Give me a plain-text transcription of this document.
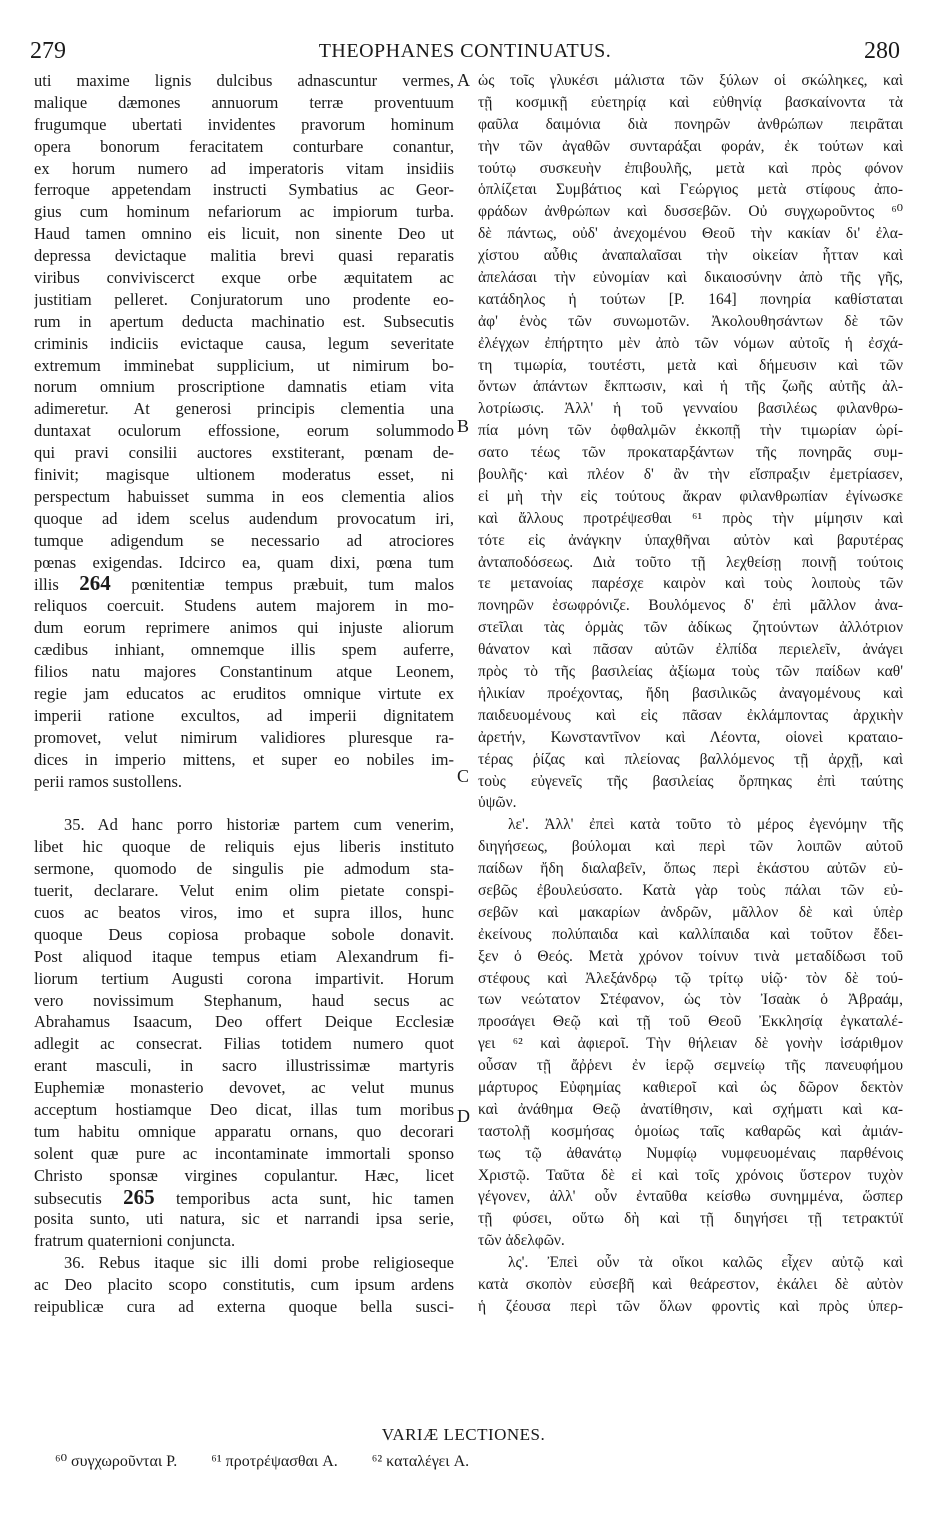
279	THEOPHANES CONTINUATUS.	280
uti maxime lignis dulcibus adnascuntur vermes,
malique dæmones annuorum terræ proventuum
frugumque ubertati invidentes pravorum hominum
opera bonorum feracitatem conturbare conantur,
ex horum numero ad imperatoris vitam insidiis
ferroque appetendam instructi Symbatius ac Geor-
gius cum hominum nefariorum ac impiorum turba.
Haud tamen omnino eis licuit, non sinente Deo ut
depressa devictaque malitia brevi quasi reparatis
viribus conviviscerct exque orbe æquitatem ac
justitiam pelleret. Conjuratorum uno prodente eo-
rum in apertum deducta machinatio est. Subsecutis
criminis indiciis evictaque causa, legum severitate
extremum imminebat supplicium, ut nimirum bo-
norum omnium proscriptione damnatis etiam vita
adimeretur. At generosi principis clementia una
duntaxat oculorum effossione, eorum solummodo
qui pravi consilii auctores exstiterant, pœnam de-
finivit; magisque ultionem moderatus esset, ni
perspectum habuisset summa in eos clementia alios
quoque ad idem scelus audendum provocatum iri,
tumque adigendum se necessario ad atrociores
pœnas exigendas. Idcirco ea, quam dixi, pœna tum
illis 264 pœnitentiæ tempus præbuit, tum malos
reliquos coercuit. Studens autem majorem in mo-
dum eorum reprimere animos qui injuste aliorum
cædibus inhiant, omnemque illis spem auferre,
filios natu majores Constantinum atque Leonem,
regie jam educatos ac eruditos omnique virtute ex
imperii ratione excultos, ad imperii dignitatem
promovet, velut nimirum validiores pluresque ra-
dices in imperio mittens, et super eo nobiles im-
perii ramos sustollens.
35. Ad hanc porro historiæ partem cum venerim,
libet hic quoque de reliquis ejus liberis instituto
sermone, quomodo de singulis pie admodum sta-
tuerit, declarare. Velut enim olim pietate conspi-
cuos ac beatos viros, imo et supra illos, hunc
quoque Deus copiosa probaque sobole donavit.
Post aliquod itaque tempus etiam Alexandrum fi-
liorum tertium Augusti corona impartivit. Horum
vero novissimum Stephanum, haud secus ac
Abrahamus Isaacum, Deo offert Deique Ecclesiæ
adlegit ac consecrat. Filias totidem numero quot
erant masculi, in sacro illustrissimæ martyris
Euphemiæ monasterio devovet, ac velut munus
acceptum hostiamque Deo dicat, illas tum moribus
tum habitu omnique apparatu ornans, quo decorari
solent quæ pure ac incontaminate immortali sponso
Christo sponsæ virgines copulantur. Hæc, licet
subsecutis 265 temporibus acta sunt, hic tamen
posita sunto, uti natura, sic et narrandi ipsa serie,
fratrum quaternioni conjuncta.
36. Rebus itaque sic illi domi probe religioseque
ac Deo placito scopo constitutis, cum ipsum ardens
reipublicæ cura ad externa quoque bella susci-
A
B
C
D
ὡς τοῖς γλυκέσι μάλιστα τῶν ξύλων οἱ σκώληκες, καὶ
τῇ κοσμικῇ εὐετηρίᾳ καὶ εὐθηνίᾳ βασκαίνοντα τὰ
φαῦλα δαιμόνια διὰ πονηρῶν ἀνθρώπων πειρᾶται
τὴν τῶν ἀγαθῶν συνταράξαι φοράν, ἐκ τούτων καὶ
τούτῳ συσκευὴν ἐπιβουλῆς, μετὰ καὶ πρὸς φόνον
ὁπλίζεται Συμβάτιος καὶ Γεώργιος μετὰ στίφους ἀπο-
φράδων ἀνθρώπων καὶ δυσσεβῶν. Οὐ συγχωροῦντος ⁶⁰
δὲ πάντως, οὐδ' ἀνεχομένου Θεοῦ τὴν κακίαν δι' ἐλα-
χίστου αὖθις ἀναπαλαῖσαι τὴν οἰκείαν ἧτταν καὶ
ἀπελάσαι τὴν εὐνομίαν καὶ δικαιοσύνην ἀπὸ τῆς γῆς,
κατάδηλος ἡ τούτων [P. 164] πονηρία καθίσταται
ἀφ' ἑνὸς τῶν συνωμοτῶν. Ἀκολουθησάντων δὲ τῶν
ἐλέγχων ἐπήρτητο μὲν ἀπὸ τῶν νόμων αὐτοῖς ἡ ἐσχά-
τη τιμωρία, τουτέστι, μετὰ καὶ δήμευσιν καὶ τῶν
ὄντων ἁπάντων ἔκπτωσιν, καὶ ἡ τῆς ζωῆς αὐτῆς ἀλ-
λοτρίωσις. Ἀλλ' ἡ τοῦ γενναίου βασιλέως φιλανθρω-
πία μόνη τῶν ὀφθαλμῶν ἐκκοπῇ τὴν τιμωρίαν ὡρί-
σατο τέως τῶν προκαταρξάντων τῆς πονηρᾶς συμ-
βουλῆς· καὶ πλέον δ' ἂν τὴν εἴσπραξιν ἐμετρίασεν,
εἰ μὴ τὴν εἰς τούτους ἄκραν φιλανθρωπίαν ἐγίνωσκε
καὶ ἄλλους προτρέψεσθαι ⁶¹ πρὸς τὴν μίμησιν καὶ
τότε εἰς ἀνάγκην ὑπαχθῆναι αὐτὸν καὶ βαρυτέρας
ἀνταποδόσεως. Διὰ τοῦτο τῇ λεχθείσῃ ποινῇ τούτοις
τε μετανοίας παρέσχε καιρὸν καὶ τοὺς λοιποὺς τῶν
πονηρῶν ἐσωφρόνιζε. Βουλόμενος δ' ἐπὶ μᾶλλον ἀνα-
στεῖλαι τὰς ὁρμὰς τῶν ἀδίκως ζητούντων ἀλλότριον
θάνατον καὶ πᾶσαν αὐτῶν ἐλπίδα περιελεῖν, ἀνάγει
πρὸς τὸ τῆς βασιλείας ἀξίωμα τοὺς τῶν παίδων καθ'
ἡλικίαν προέχοντας, ἤδη βασιλικῶς ἀναγομένους καὶ
παιδευομένους καὶ εἰς πᾶσαν ἐκλάμποντας ἀρχικὴν
ἀρετήν, Κωνσταντῖνον καὶ Λέοντα, οἱονεὶ κραταιο-
τέρας ῥίζας καὶ πλείονας βαλλόμενος τῇ ἀρχῇ, καὶ
τοὺς εὐγενεῖς τῆς βασιλείας ὄρπηκας ἐπὶ ταύτης
ὑψῶν.
λε'. Ἀλλ' ἐπεὶ κατὰ τοῦτο τὸ μέρος ἐγενόμην τῆς
διηγήσεως, βούλομαι καὶ περὶ τῶν λοιπῶν αὐτοῦ
παίδων ἤδη διαλαβεῖν, ὅπως περὶ ἑκάστου αὐτῶν εὐ-
σεβῶς ἐβουλεύσατο. Κατὰ γὰρ τοὺς πάλαι τῶν εὐ-
σεβῶν καὶ μακαρίων ἀνδρῶν, μᾶλλον δὲ καὶ ὑπὲρ
ἐκείνους πολύπαιδα καὶ καλλίπαιδα καὶ τοῦτον ἔδει-
ξεν ὁ Θεός. Μετὰ χρόνον τοίνυν τινὰ μεταδίδωσι τοῦ
στέφους καὶ Ἀλεξάνδρῳ τῷ τρίτῳ υἱῷ· τὸν δὲ τού-
των νεώτατον Στέφανον, ὡς τὸν Ἰσαὰκ ὁ Ἀβραάμ,
προσάγει Θεῷ καὶ τῇ τοῦ Θεοῦ Ἐκκλησίᾳ ἐγκαταλέ-
γει ⁶² καὶ ἀφιεροῖ. Τὴν θήλειαν δὲ γονὴν ἰσάριθμον
οὖσαν τῇ ἄῤῥενι ἐν ἱερῷ σεμνείῳ τῆς πανευφήμου
μάρτυρος Εὐφημίας καθιεροῖ καὶ ὡς δῶρον δεκτὸν
καὶ ἀνάθημα Θεῷ ἀνατίθησιν, καὶ σχήματι καὶ κα-
ταστολῇ κοσμήσας ὁμοίως ταῖς καθαρῶς καὶ ἀμιάν-
τως τῷ ἀθανάτῳ Νυμφίῳ νυμφευομέναις παρθένοις
Χριστῷ. Ταῦτα δὲ εἰ καὶ τοῖς χρόνοις ὕστερον τυχὸν
γέγονεν, ἀλλ' οὖν ἐνταῦθα κείσθω συνημμένα, ὥσπερ
τῇ φύσει, οὕτω δὴ καὶ τῇ διηγήσει τῇ τετρακτύϊ
τῶν ἀδελφῶν.
λς'. Ἐπεὶ οὖν τὰ οἴκοι καλῶς εἶχεν αὐτῷ καὶ
κατὰ σκοπὸν εὐσεβῆ καὶ θεάρεστον, ἐκάλει δὲ αὐτὸν
ἡ ζέουσα περὶ τῶν ὅλων φροντὶς καὶ πρὸς ὑπερ-
VARIÆ LECTIONES.
⁶⁰ συγχωροῦνται P. ⁶¹ προτρέψασθαι A. ⁶² καταλέγει A.
